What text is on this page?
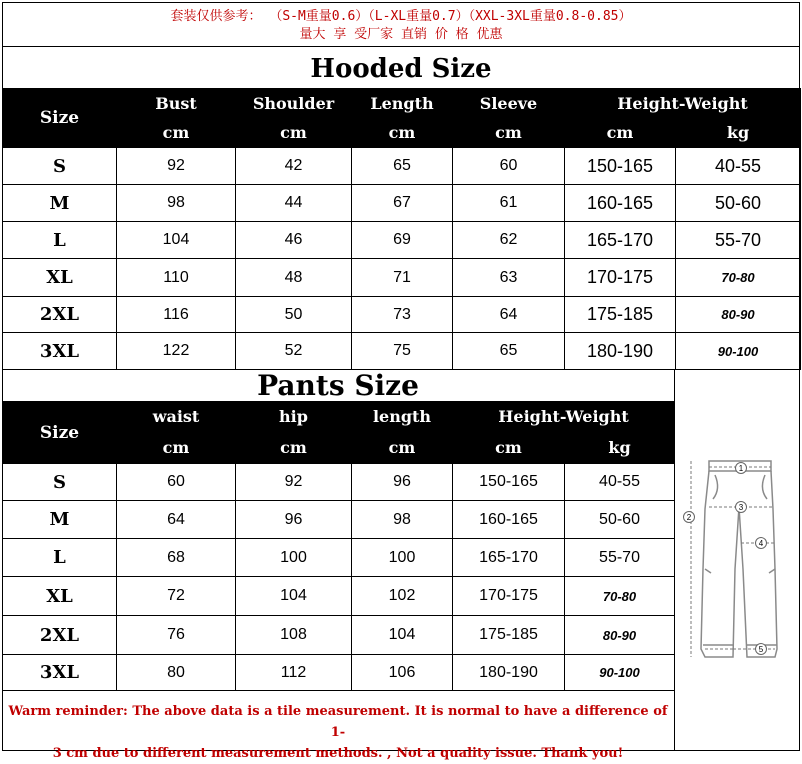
套装仅供参考： （S-M重量0.6）（L-XL重量0.7）（XXL-3XL重量0.8-0.85）
量大 享 受厂家 直销 价 格 优惠
Hooded Size
Size	Bust	Shoulder	Length	Sleeve	Height-Weight	
	cm	cm	cm	cm	cm	kg
S	92	42	65	60	150-165	40-55
M	98	44	67	61	160-165	50-60
L	104	46	69	62	165-170	55-70
XL	110	48	71	63	170-175	70-80
2XL	116	50	73	64	175-185	80-90
3XL	122	52	75	65	180-190	90-100
Pants Size
Size	waist	hip	length	Height-Weight	
	cm	cm	cm	cm	kg
S	60	92	96	150-165	40-55
M	64	96	98	160-165	50-60
L	68	100	100	165-170	55-70
XL	72	104	102	170-175	70-80
2XL	76	108	104	175-185	80-90
3XL	80	112	106	180-190	90-100
1
2
3
4
5
Warm reminder: The above data is a tile measurement. It is normal to have a difference of 1-
3 cm due to different measurement methods. , Not a quality issue. Thank you!
